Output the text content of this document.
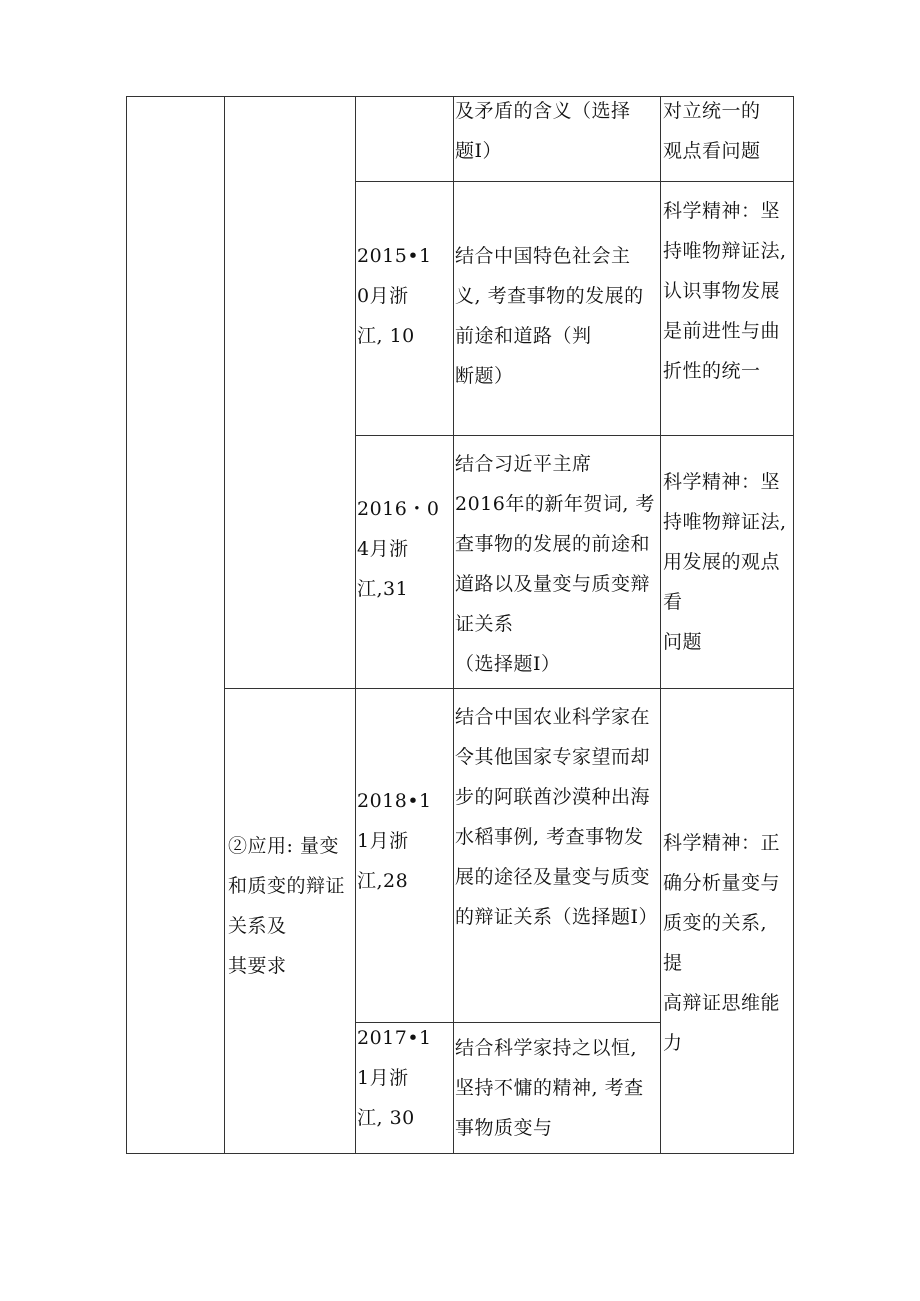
及矛盾的含义（选择
题I）
对立统一的
观点看问题
2015•1
0月浙
江, 10
结合中国特色社会主
义, 考查事物的发展的
前途和道路（判
断题）
科学精神：坚
持唯物辩证法,
认识事物发展
是前进性与曲
折性的统一
2016・0
4月浙
江,31
结合习近平主席
2016年的新年贺词, 考
查事物的发展的前途和
道路以及量变与质变辩
证关系
（选择题I）
科学精神：坚
持唯物辩证法,
用发展的观点
看
问题
②应用: 量变
和质变的辩证
关系及
其要求
2018•1
1月浙
江,28
结合中国农业科学家在
令其他国家专家望而却
步的阿联酋沙漠种出海
水稻事例, 考查事物发
展的途径及量变与质变
的辩证关系（选择题I）
科学精神：正
确分析量变与
质变的关系, 提
高辩证思维能
力
2017•1
1月浙
江, 30
结合科学家持之以恒,
坚持不慵的精神, 考查
事物质变与
